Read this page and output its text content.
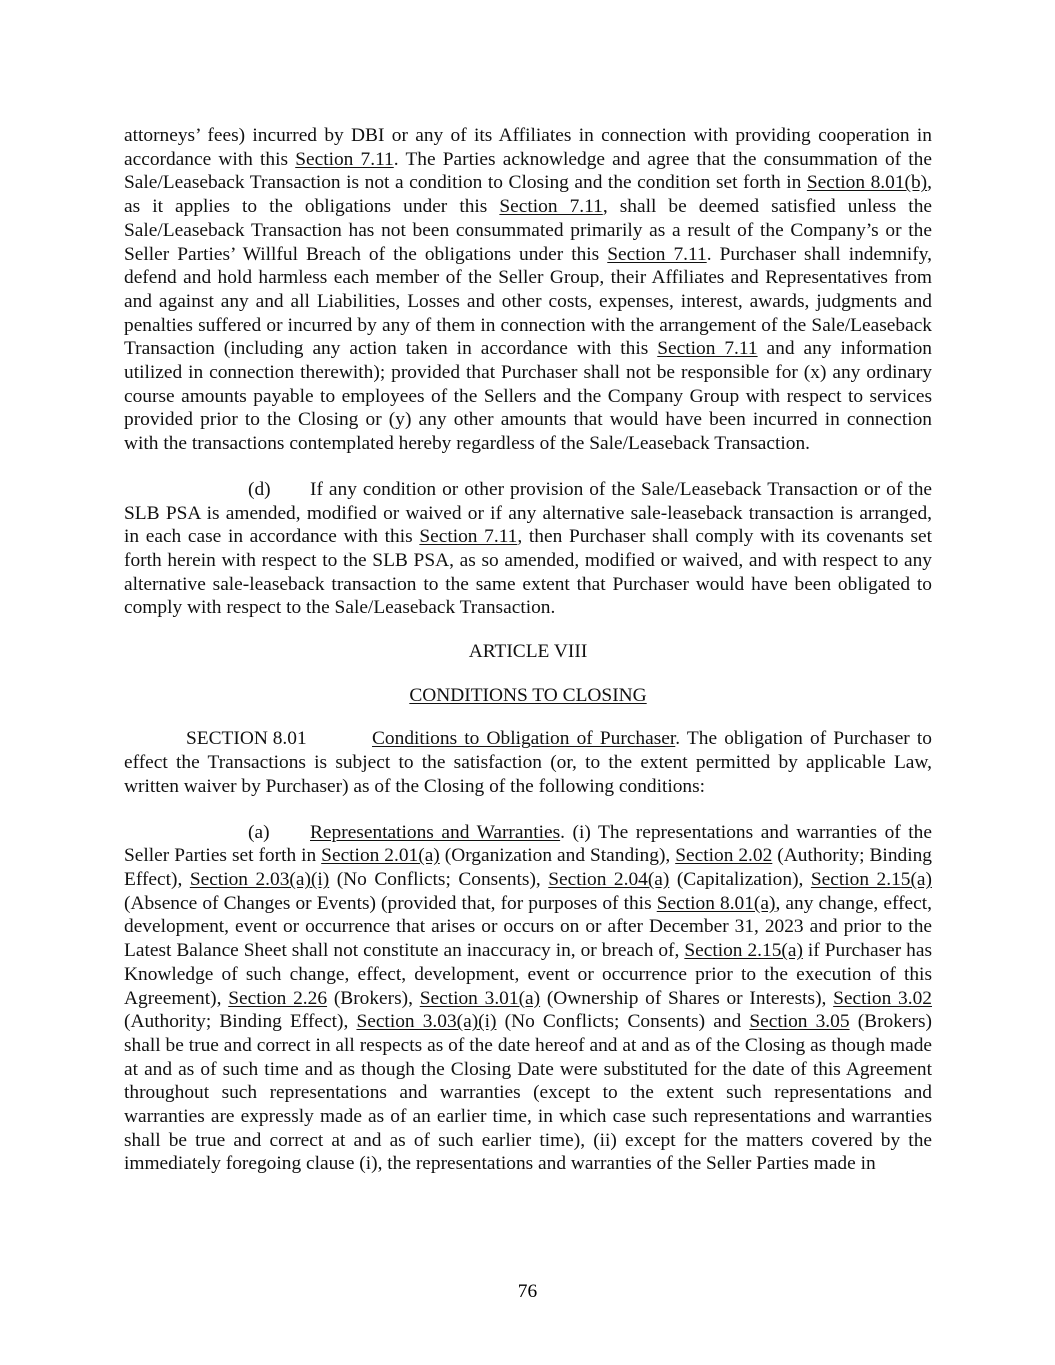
attorneys’ fees) incurred by DBI or any of its Affiliates in connection with providing cooperation in accordance with this Section 7.11. The Parties acknowledge and agree that the consummation of the Sale/Leaseback Transaction is not a condition to Closing and the condition set forth in Section 8.01(b), as it applies to the obligations under this Section 7.11, shall be deemed satisfied unless the Sale/Leaseback Transaction has not been consummated primarily as a result of the Company’s or the Seller Parties’ Willful Breach of the obligations under this Section 7.11. Purchaser shall indemnify, defend and hold harmless each member of the Seller Group, their Affiliates and Representatives from and against any and all Liabilities, Losses and other costs, expenses, interest, awards, judgments and penalties suffered or incurred by any of them in connection with the arrangement of the Sale/Leaseback Transaction (including any action taken in accordance with this Section 7.11 and any information utilized in connection therewith); provided that Purchaser shall not be responsible for (x) any ordinary course amounts payable to employees of the Sellers and the Company Group with respect to services provided prior to the Closing or (y) any other amounts that would have been incurred in connection with the transactions contemplated hereby regardless of the Sale/Leaseback Transaction.

(d) If any condition or other provision of the Sale/Leaseback Transaction or of the SLB PSA is amended, modified or waived or if any alternative sale-leaseback transaction is arranged, in each case in accordance with this Section 7.11, then Purchaser shall comply with its covenants set forth herein with respect to the SLB PSA, as so amended, modified or waived, and with respect to any alternative sale-leaseback transaction to the same extent that Purchaser would have been obligated to comply with respect to the Sale/Leaseback Transaction.

ARTICLE VIII

CONDITIONS TO CLOSING

SECTION 8.01	Conditions to Obligation of Purchaser. The obligation of Purchaser to effect the Transactions is subject to the satisfaction (or, to the extent permitted by applicable Law, written waiver by Purchaser) as of the Closing of the following conditions:

(a) Representations and Warranties. (i) The representations and warranties of the Seller Parties set forth in Section 2.01(a) (Organization and Standing), Section 2.02 (Authority; Binding Effect), Section 2.03(a)(i) (No Conflicts; Consents), Section 2.04(a) (Capitalization), Section 2.15(a) (Absence of Changes or Events) (provided that, for purposes of this Section 8.01(a), any change, effect, development, event or occurrence that arises or occurs on or after December 31, 2023 and prior to the Latest Balance Sheet shall not constitute an inaccuracy in, or breach of, Section 2.15(a) if Purchaser has Knowledge of such change, effect, development, event or occurrence prior to the execution of this Agreement), Section 2.26 (Brokers), Section 3.01(a) (Ownership of Shares or Interests), Section 3.02 (Authority; Binding Effect), Section 3.03(a)(i) (No Conflicts; Consents) and Section 3.05 (Brokers) shall be true and correct in all respects as of the date hereof and at and as of the Closing as though made at and as of such time and as though the Closing Date were substituted for the date of this Agreement throughout such representations and warranties (except to the extent such representations and warranties are expressly made as of an earlier time, in which case such representations and warranties shall be true and correct at and as of such earlier time), (ii) except for the matters covered by the immediately foregoing clause (i), the representations and warranties of the Seller Parties made in

76
